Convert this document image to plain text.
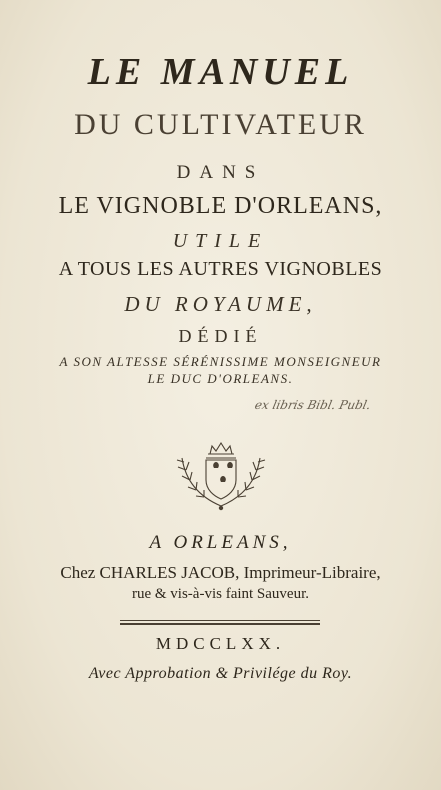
LE MANUEL
DU CULTIVATEUR
DANS
LE VIGNOBLE D'ORLEANS,
UTILE
A TOUS LES AUTRES VIGNOBLES
DU ROYAUME,
DÉDIÉ
A SON ALTESSE SÉRÉNISSIME MONSEIGNEUR
LE DUC D'ORLEANS.
ex libris Bibl. Publ.
A ORLEANS,
Chez CHARLES JACOB, Imprimeur-Libraire,
rue & vis-à-vis faint Sauveur.
MDCCLXX.
Avec Approbation & Privilége du Roy.
